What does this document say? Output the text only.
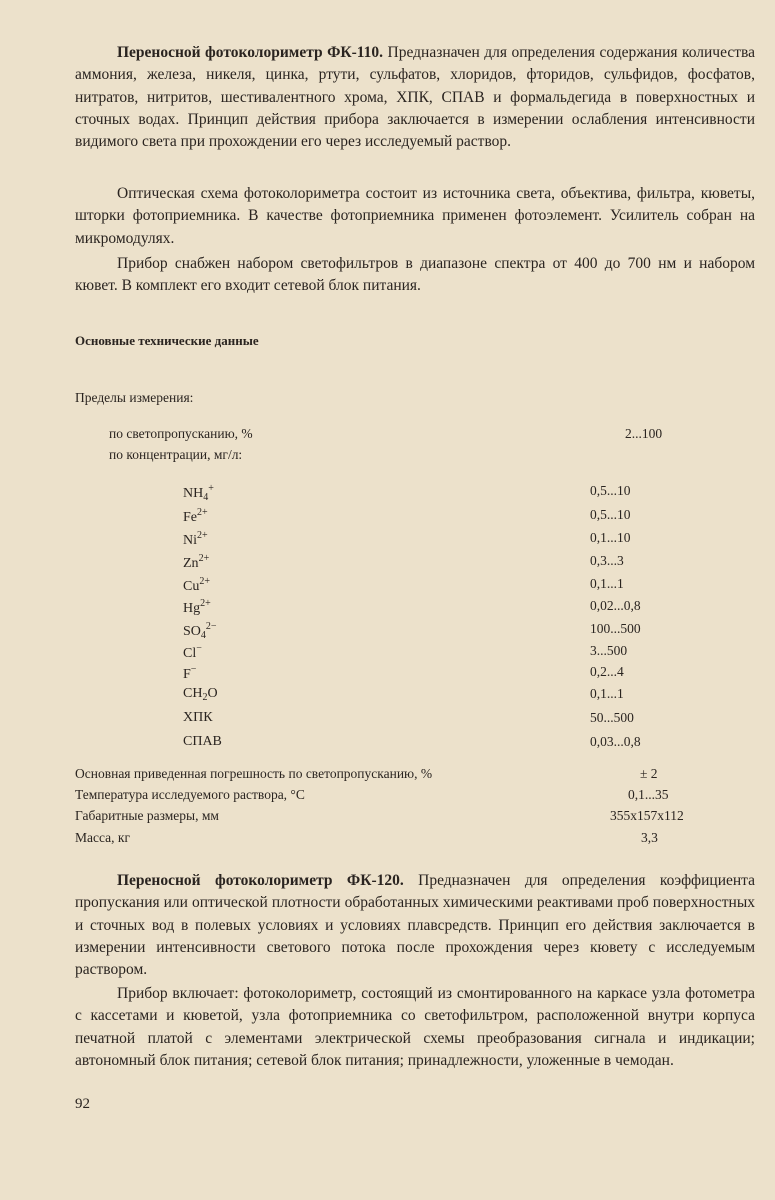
Переносной фотоколориметр ФК-110. Предназначен для определения содержания количества аммония, железа, никеля, цинка, ртути, сульфатов, хлоридов, фторидов, сульфидов, фосфатов, нитратов, нитритов, шестивалентного хрома, ХПК, СПАВ и формальдегида в поверхностных и сточных водах. Принцип действия прибора заключается в измерении ослабления интенсивности видимого света при прохождении его через исследуемый раствор.

Оптическая схема фотоколориметра состоит из источника света, объектива, фильтра, кюветы, шторки фотоприемника. В качестве фотоприемника применен фотоэлемент. Усилитель собран на микромодулях.

Прибор снабжен набором светофильтров в диапазоне спектра от 400 до 700 нм и набором кювет. В комплект его входит сетевой блок питания.

Основные технические данные
Пределы измерения:
по светопропусканию, %	2...100
по концентрации, мг/л:
$NH_4^+$	0,5...10
$Fe^{2+}$	0,5...10
$Ni^{2+}$	0,1...10
$Zn^{2+}$	0,3...3
$Cu^{2+}$	0,1...1
$Hg^{2+}$	0,02...0,8
$SO_4^{2-}$	100...500
Cl−	3...500
F−	0,2...4
$CH_2O$	0,1...1
ХПК	50...500
СПАВ	0,03...0,8
Основная приведенная погрешность по светопропусканию, %	± 2
Температура исследуемого раствора, °С	0,1...35
Габаритные размеры, мм	355x157x112
Масса, кг	3,3

Переносной фотоколориметр ФК-120. Предназначен для определения коэффициента пропускания или оптической плотности обработанных химическими реактивами проб поверхностных и сточных вод в полевых условиях и условиях плавсредств. Принцип его действия заключается в измерении интенсивности светового потока после прохождения через кювету с исследуемым раствором.

Прибор включает: фотоколориметр, состоящий из смонтированного на каркасе узла фотометра с кассетами и кюветой, узла фотоприемника со светофильтром, расположенной внутри корпуса печатной платой с элементами электрической схемы преобразования сигнала и индикации; автономный блок питания; сетевой блок питания; принадлежности, уложенные в чемодан.

92
